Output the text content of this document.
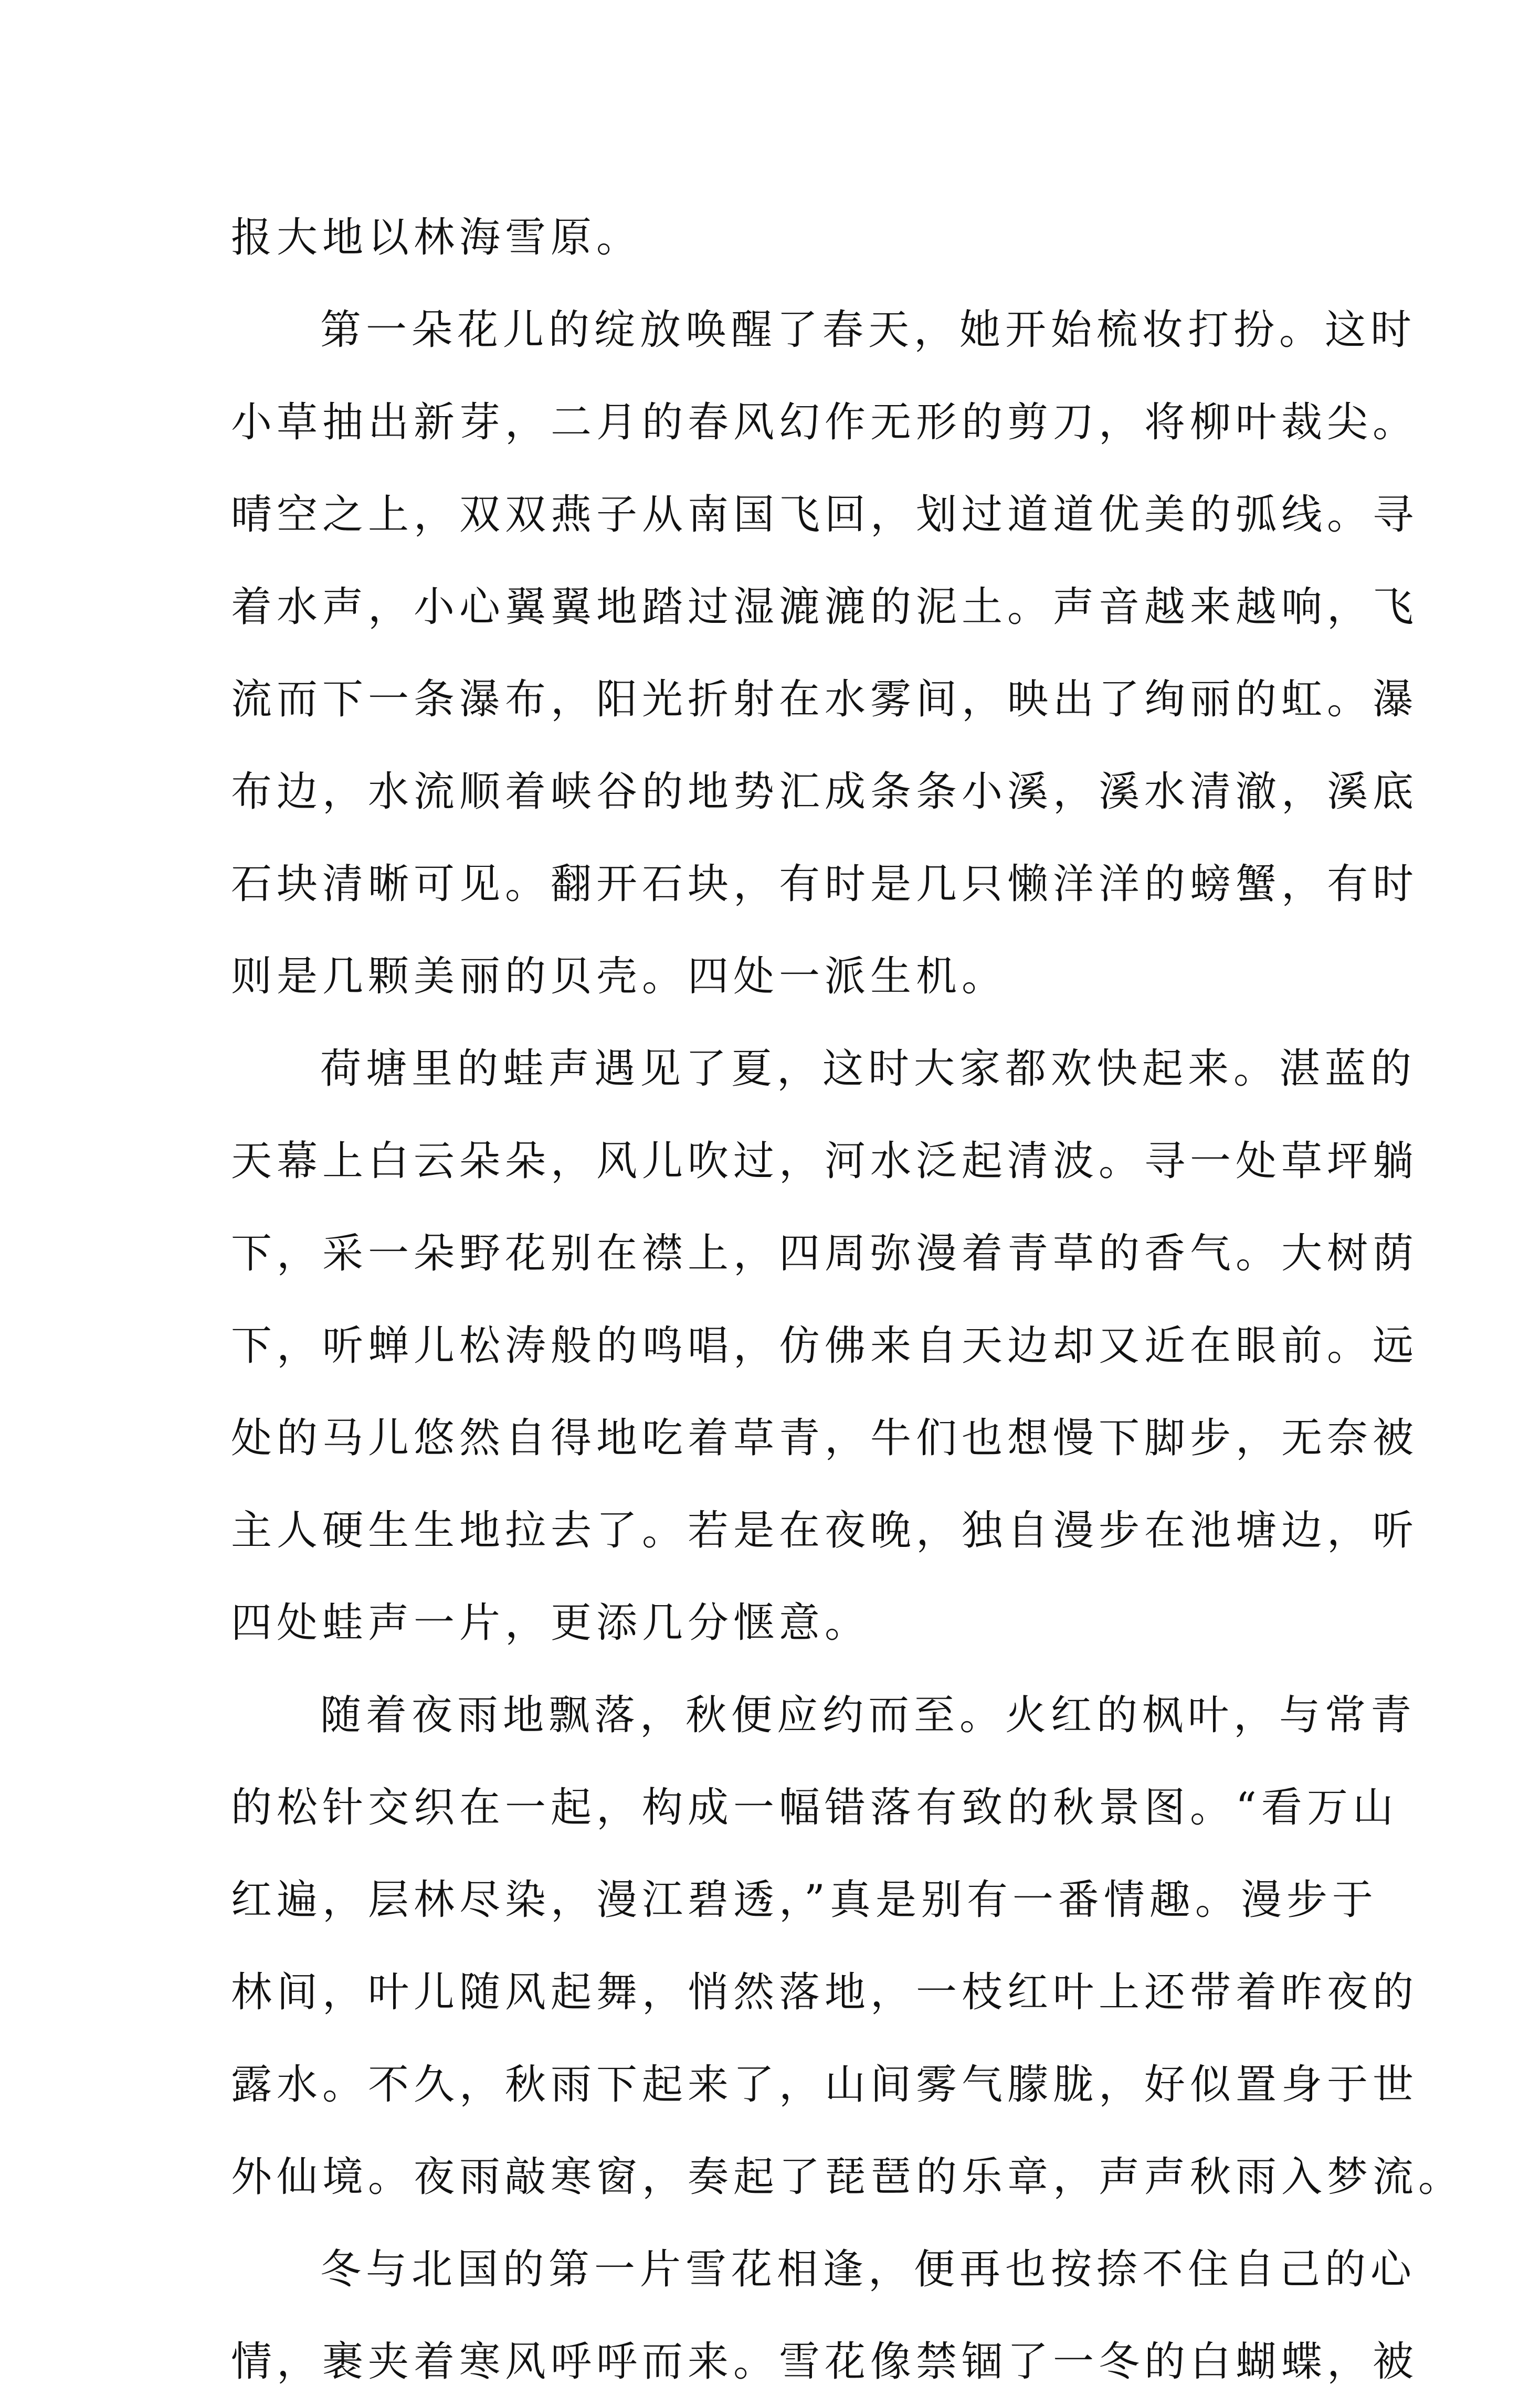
报大地以林海雪原。

第一朵花儿的绽放唤醒了春天，她开始梳妆打扮。这时
小草抽出新芽，二月的春风幻作无形的剪刀，将柳叶裁尖。
晴空之上，双双燕子从南国飞回，划过道道优美的弧线。寻
着水声，小心翼翼地踏过湿漉漉的泥土。声音越来越响，飞
流而下一条瀑布，阳光折射在水雾间，映出了绚丽的虹。瀑
布边，水流顺着峡谷的地势汇成条条小溪，溪水清澈，溪底
石块清晰可见。翻开石块，有时是几只懒洋洋的螃蟹，有时
则是几颗美丽的贝壳。四处一派生机。

荷塘里的蛙声遇见了夏，这时大家都欢快起来。湛蓝的
天幕上白云朵朵，风儿吹过，河水泛起清波。寻一处草坪躺
下，采一朵野花别在襟上，四周弥漫着青草的香气。大树荫
下，听蝉儿松涛般的鸣唱，仿佛来自天边却又近在眼前。远
处的马儿悠然自得地吃着草青，牛们也想慢下脚步，无奈被
主人硬生生地拉去了。若是在夜晚，独自漫步在池塘边，听
四处蛙声一片，更添几分惬意。

随着夜雨地飘落，秋便应约而至。火红的枫叶，与常青
的松针交织在一起，构成一幅错落有致的秋景图。“看万山
红遍，层林尽染，漫江碧透，”真是别有一番情趣。漫步于
林间，叶儿随风起舞，悄然落地，一枝红叶上还带着昨夜的
露水。不久，秋雨下起来了，山间雾气朦胧，好似置身于世
外仙境。夜雨敲寒窗，奏起了琵琶的乐章，声声秋雨入梦流。

冬与北国的第一片雪花相逢，便再也按捺不住自己的心
情，裹夹着寒风呼呼而来。雪花像禁锢了一冬的白蝴蝶，被
